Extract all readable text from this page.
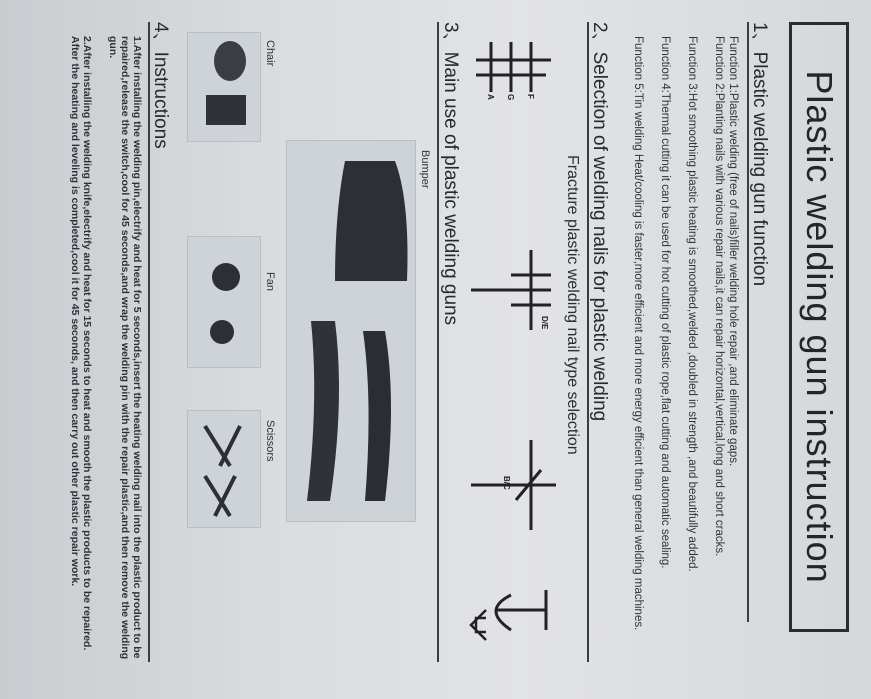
Plastic welding gun instruction
1、Plastic welding gun function

Function 1:Plastic welding (free of nails)filler welding hole repair ,and eliminate gaps.

Function 2:Planting nails with various repair nails,it can repair horizontal,vertical,long and short cracks.

Function 3:Hot smoothing plastic heating is smoothed,welded ,doubled in strength ,and beautifully added.

Function 4:Thermal cutting it can be used for hot cutting of plastic rope,flat cutting and automatic sealing.

Function 5:Tin welding Heat/cooling is faster,more efficient and more energy efficient than general welding machines.

2、Selection of welding nalis for plastic welding
Fracture plastic welding nail type selection
F
G
A
D/E
B/C
3、Main use of plastic welding guns
Bumper
Chair
Fan
Scissors
4、Instructions

1.After installing the welding pin,electrify and heat for 5 seconds,insert the heating welding nail into the plastic product to be repaired,release the switch,cool for 45 seconds,and wrap the welding pin with the repair plastic,and then remove the welding gun.

2.After installing the welding knife,electrify and heat for 15 seconds to heat and smooth the plastic products to be repaired. After the heating and leveling is completed,cool it for 45 seconds, and then carry out other plastic repair work.
